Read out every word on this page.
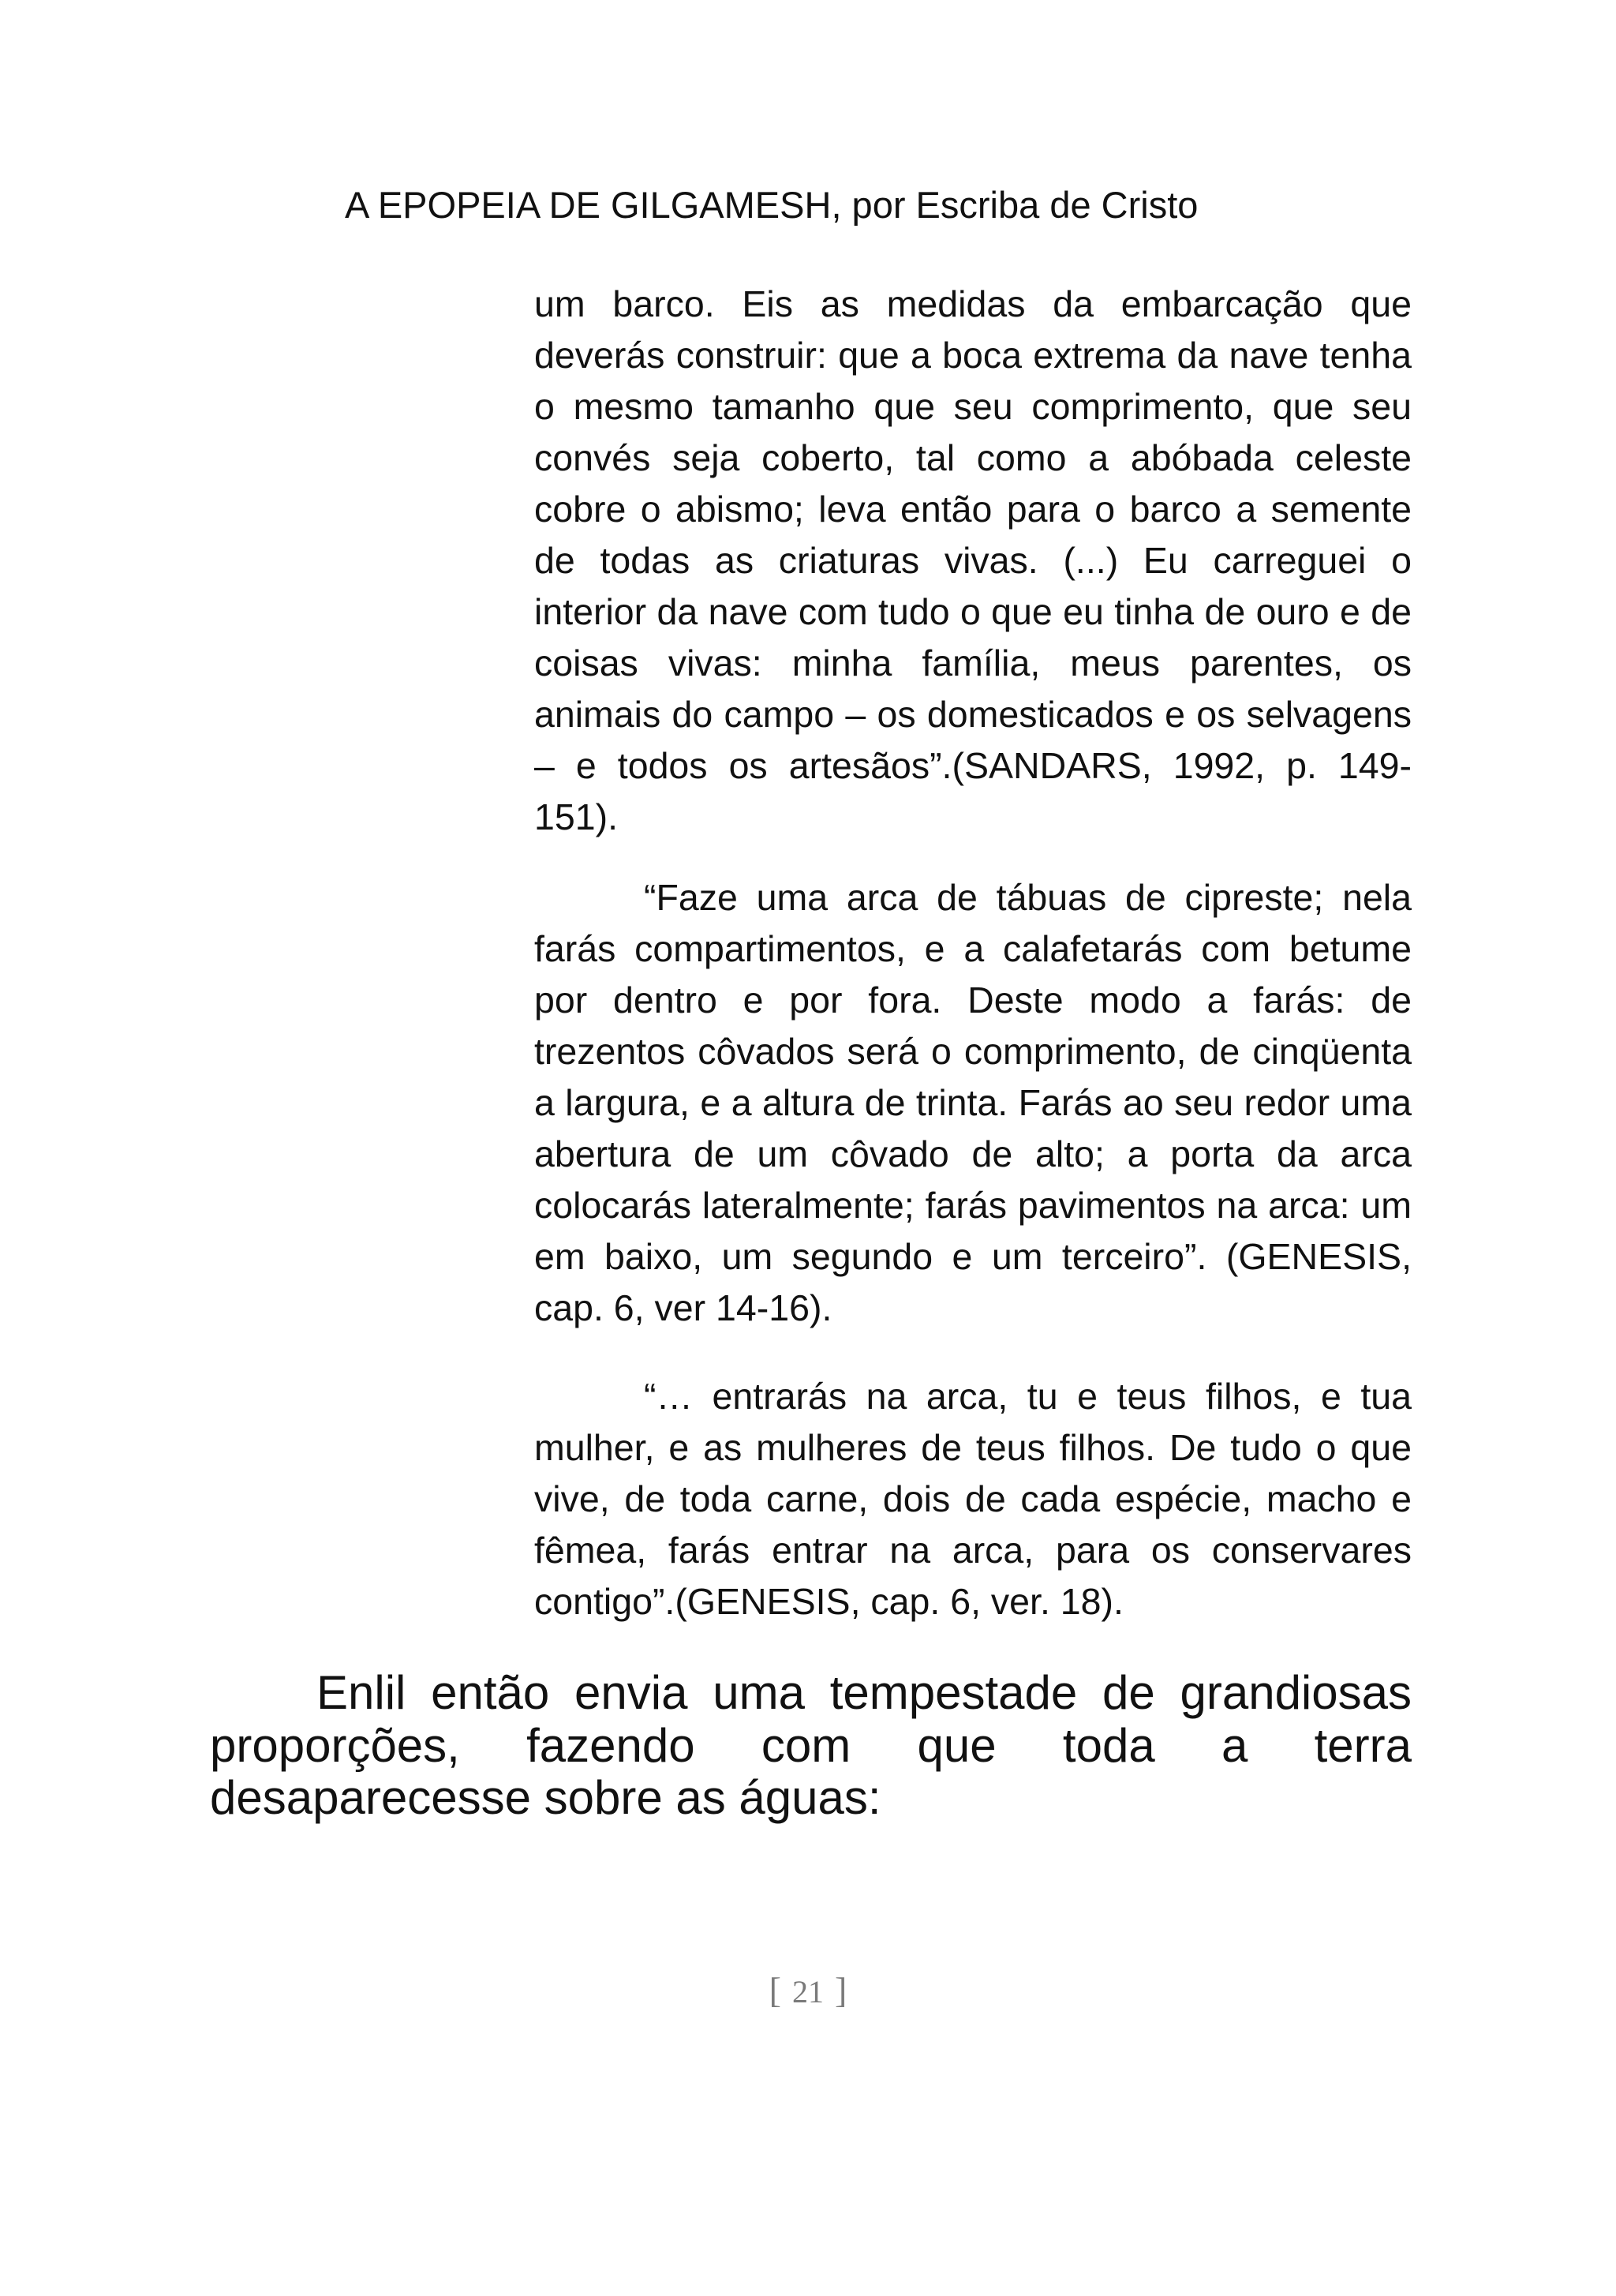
A EPOPEIA DE GILGAMESH, por Escriba de Cristo

um barco. Eis as medidas da embarcação que deverás construir: que a boca extrema da nave tenha o mesmo tamanho que seu comprimento, que seu convés seja coberto, tal como a abóbada celeste cobre o abismo; leva então para o barco a semente de todas as criaturas vivas. (...) Eu carreguei o interior da nave com tudo o que eu tinha de ouro e de coisas vivas: minha família, meus parentes, os animais do campo – os domesticados e os selvagens – e todos os artesãos”.(SANDARS, 1992, p. 149-151).

“Faze uma arca de tábuas de cipreste; nela farás compartimentos, e a calafetarás com betume por dentro e por fora. Deste modo a farás: de trezentos côvados será o comprimento, de cinqüenta a largura, e a altura de trinta. Farás ao seu redor uma abertura de um côvado de alto; a porta da arca colocarás lateralmente; farás pavimentos na arca: um em baixo, um segundo e um terceiro”. (GENESIS, cap. 6, ver 14-16).

“… entrarás na arca, tu e teus filhos, e tua mulher, e as mulheres de teus filhos. De tudo o que vive, de toda carne, dois de cada espécie, macho e fêmea, farás entrar na arca, para os conservares contigo”.(GENESIS, cap. 6, ver. 18).

Enlil então envia uma tempestade de grandiosas proporções, fazendo com que toda a terra desaparecesse sobre as águas:

[ 21 ]
